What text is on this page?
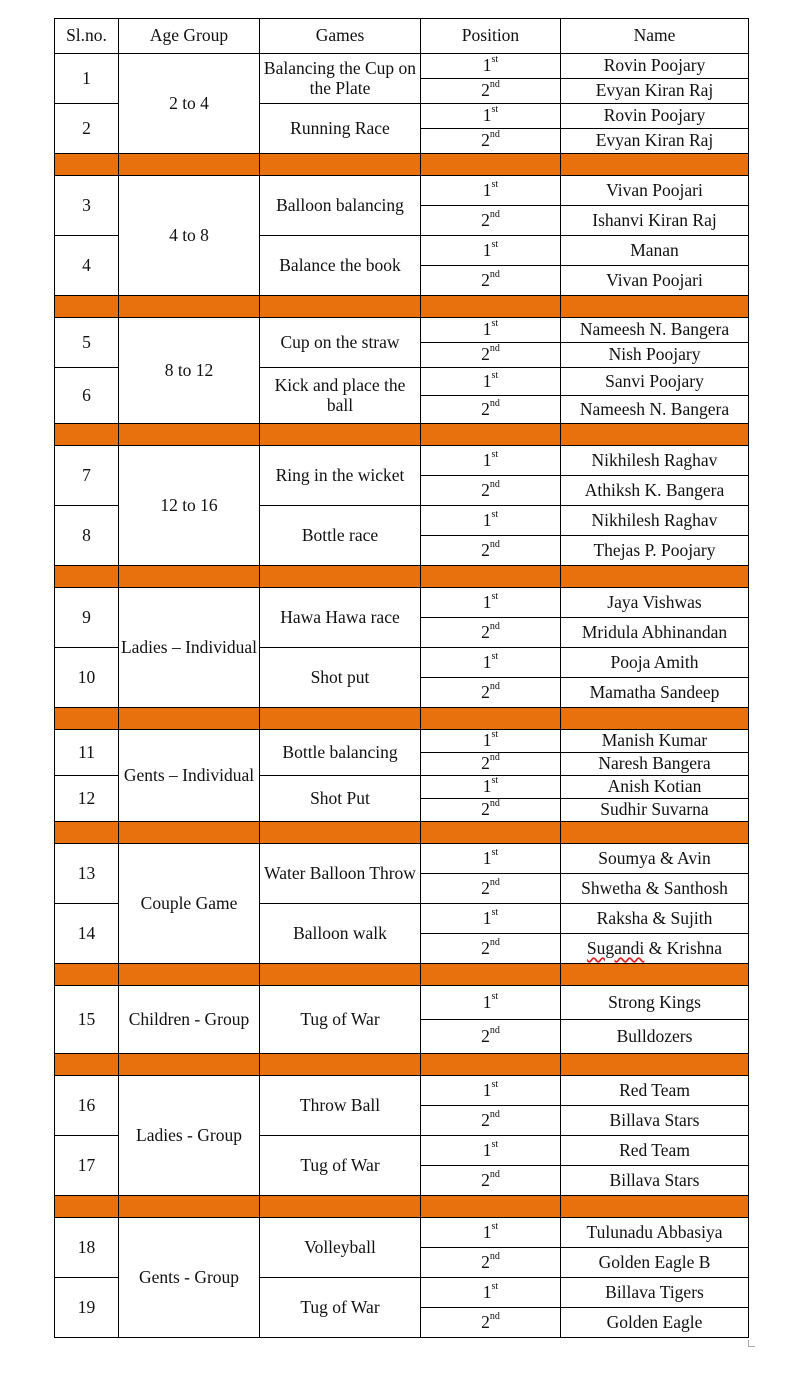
Sl.no.	Age Group	Games	Position	Name
1	2 to 4	Balancing the Cup on the Plate	1st	Rovin Poojary
			2nd	Evyan Kiran Raj
2		Running Race	1st	Rovin Poojary
			2nd	Evyan Kiran Raj

3	4 to 8	Balloon balancing	1st	Vivan Poojari
			2nd	Ishanvi Kiran Raj
4		Balance the book	1st	Manan
			2nd	Vivan Poojari

5	8 to 12	Cup on the straw	1st	Nameesh N. Bangera
			2nd	Nish Poojary
6		Kick and place the ball	1st	Sanvi Poojary
			2nd	Nameesh N. Bangera

7	12 to 16	Ring in the wicket	1st	Nikhilesh Raghav
			2nd	Athiksh K. Bangera
8		Bottle race	1st	Nikhilesh Raghav
			2nd	Thejas P. Poojary

9	Ladies – Individual	Hawa Hawa race	1st	Jaya Vishwas
			2nd	Mridula Abhinandan
10		Shot put	1st	Pooja Amith
			2nd	Mamatha Sandeep

11	Gents – Individual	Bottle balancing	1st	Manish Kumar
			2nd	Naresh Bangera
12		Shot Put	1st	Anish Kotian
			2nd	Sudhir Suvarna

13	Couple Game	Water Balloon Throw	1st	Soumya & Avin
			2nd	Shwetha & Santhosh
14		Balloon walk	1st	Raksha & Sujith
			2nd	Sugandi & Krishna

15	Children - Group	Tug of War	1st	Strong Kings
			2nd	Bulldozers

16	Ladies - Group	Throw Ball	1st	Red Team
			2nd	Billava Stars
17		Tug of War	1st	Red Team
			2nd	Billava Stars

18	Gents - Group	Volleyball	1st	Tulunadu Abbasiya
			2nd	Golden Eagle B
19		Tug of War	1st	Billava Tigers
			2nd	Golden Eagle
